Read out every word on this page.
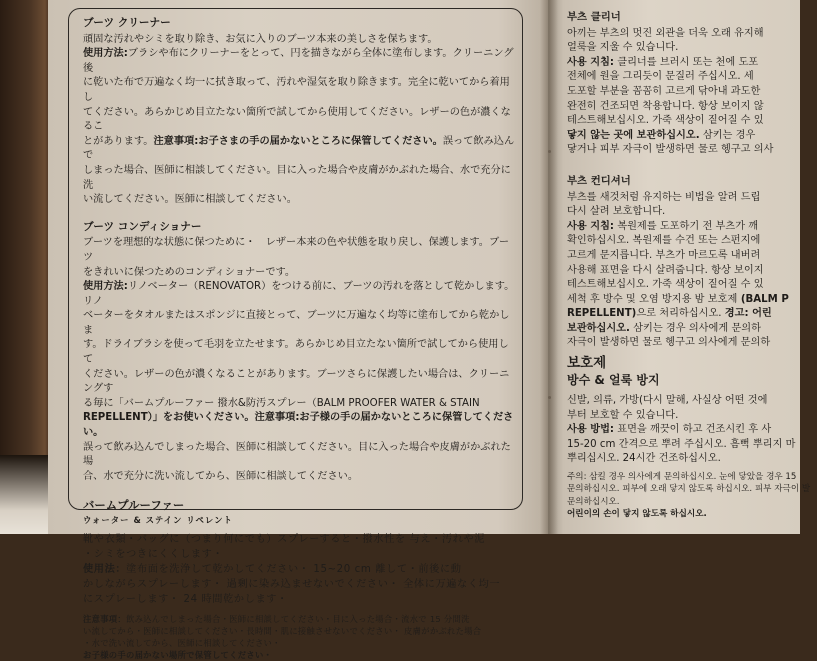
ブーツ クリーナー

頑固な汚れやシミを取り除き、お気に入りのブーツ本来の美しさを保ちます。

使用方法:ブラシや布にクリーナーをとって、円を描きながら全体に塗布します。クリーニング後

に乾いた布で万遍なく均一に拭き取って、汚れや湿気を取り除きます。完全に乾いてから着用し

てください。あらかじめ目立たない箇所で試してから使用してください。レザーの色が濃くなるこ

とがあります。注意事項:お子さまの手の届かないところに保管してください。誤って飲み込んで

しまった場合、医師に相談してください。目に入った場合や皮膚がかぶれた場合、水で充分に洗

い流してください。医師に相談してください。

ブーツ コンディショナー

ブーツを理想的な状態に保つために・　レザー本来の色や状態を取り戻し、保護します。ブーツ

をきれいに保つためのコンディショナーです。

使用方法:リノベーター（RENOVATOR）をつける前に、ブーツの汚れを落として乾かします。リノ

ベーターをタオルまたはスポンジに直接とって、ブーツに万遍なく均等に塗布してから乾かしま

す。ドライブラシを使って毛羽を立たせます。あらかじめ目立たない箇所で試してから使用して

ください。レザーの色が濃くなることがあります。ブーツさらに保護したい場合は、クリーニングす

る毎に「バームプルーファー 撥水&防汚スプレー（BALM PROOFER WATER & STAIN

REPELLENT）」をお使いください。注意事項:お子様の手の届かないところに保管してください。

誤って飲み込んでしまった場合、医師に相談してください。目に入った場合や皮膚がかぶれた場

合、水で充分に洗い流してから、医師に相談してください。

バームプルーファー
ウォーター & ステイン リペレント

靴や衣類・バッグに（つまり何にでも）スプレーすると・撥水性を 与え・汚れや泥

・シミをつきにくくします・

使用法：塗布面を洗浄して乾かしてください・ 15~20 cm 離して・前後に動

かしながらスプレーします・ 過剰に染み込ませないでください・ 全体に万遍なく均一

にスプレーします・ 24 時間乾かします・

注意事項：飲み込んでしまった場合・医師に相談してください・目に入った場合・流水で 15 分間洗

い流してから・医師に相談してください・長時間・肌に接触させないでください・ 皮膚がかぶれた場合

・水で洗い流してから、医師に相談してください・

お子様の手の届かない場所で保管してください・

부츠 클리너

아끼는 부츠의 멋진 외관을 더욱 오래 유지해

얼룩을 지울 수 있습니다.

사용 지침: 클리너를 브러시 또는 천에 도포

전체에 원을 그리듯이 문질러 주십시오. 세

도포할 부분을 꼼꼼히 고르게 닦아내 과도한

완전히 건조되면 착용합니다. 항상 보이지 않

테스트해보십시오. 가죽 색상이 짙어질 수 있

닿지 않는 곳에 보관하십시오. 삼키는 경우

닿거나 피부 자극이 발생하면 물로 헹구고 의사

부츠 컨디셔너

부츠를 새것처럼 유지하는 비법을 알려 드립

다시 살려 보호합니다.

사용 지침: 복원제를 도포하기 전 부츠가 깨

확인하십시오. 복원제를 수건 또는 스펀지에

고르게 문지릅니다. 부츠가 마르도록 내버려

사용해 표면을 다시 살려줍니다. 항상 보이지

테스트해보십시오. 가죽 색상이 짙어질 수 있

세척 후 방수 및 오염 방지용 밤 보호제 (BALM P

REPELLENT)으로 처리하십시오. 경고: 어린

보관하십시오. 삼키는 경우 의사에게 문의하

자극이 발생하면 물로 헹구고 의사에게 문의하

보호제
방수 & 얼룩 방지

신발, 의류, 가방(다시 말해, 사실상 어떤 것에

부터 보호할 수 있습니다.

사용 방법: 표면을 깨끗이 하고 건조시킨 후 사

15-20 cm 간격으로 뿌려 주십시오. 흠뻑 뿌리지 마

뿌리십시오. 24시간 건조하십시오.

주의: 삼킬 경우 의사에게 문의하십시오. 눈에 닿았을 경우 15

문의하십시오. 피부에 오래 닿지 않도록 하십시오. 피부 자극이 발

문의하십시오.

어린이의 손이 닿지 않도록 하십시오.
